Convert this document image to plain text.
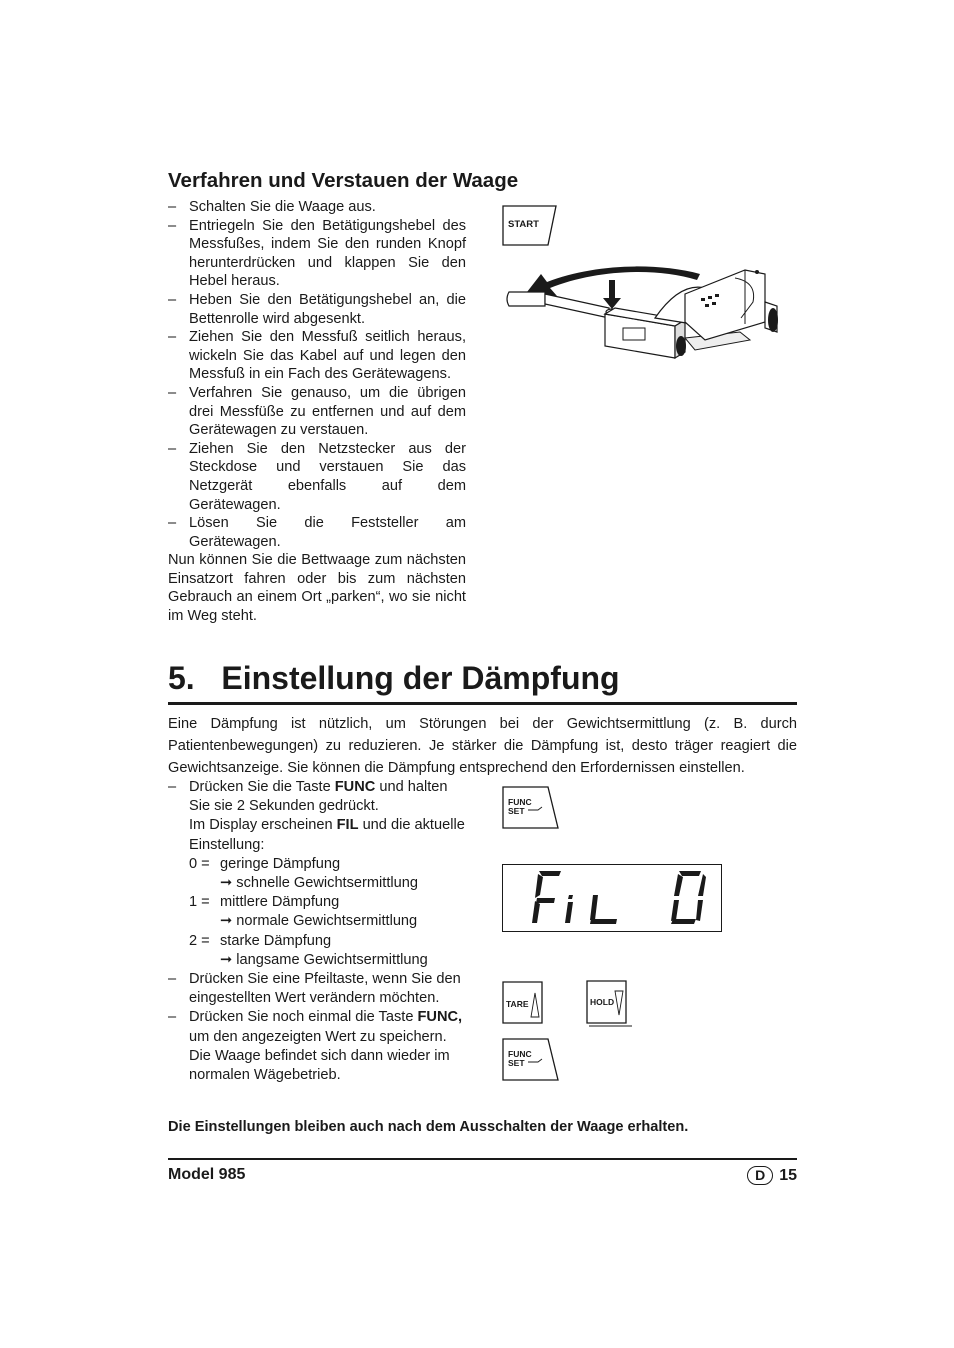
Verfahren und Verstauen der Waage
– Schalten Sie die Waage aus.
– Entriegeln Sie den Betätigungshebel des Messfußes, indem Sie den runden Knopf herunterdrücken und klappen Sie den Hebel heraus.
– Heben Sie den Betätigungshebel an, die Bettenrolle wird abgesenkt.
– Ziehen Sie den Messfuß seitlich heraus, wickeln Sie das Kabel auf und legen den Messfuß in ein Fach des Gerätewagens.
– Verfahren Sie genauso, um die übrigen drei Messfüße zu entfernen und auf dem Gerätewagen zu verstauen.
– Ziehen Sie den Netzstecker aus der Steckdose und verstauen Sie das Netzgerät ebenfalls auf dem Gerätewagen.
– Lösen Sie die Feststeller am Gerätewagen.

Nun können Sie die Bettwaage zum nächsten Einsatzort fahren oder bis zum nächsten Gebrauch an einem Ort „parken“, wo sie nicht im Weg steht.

START
5.   Einstellung der Dämpfung

Eine Dämpfung ist nützlich, um Störungen bei der Gewichtsermittlung (z. B. durch Patientenbewegungen) zu reduzieren. Je stärker die Dämpfung ist, desto träger reagiert die Gewichtsanzeige. Sie können die Dämpfung entsprechend den Erfordernissen einstellen.

– Drücken Sie die Taste FUNC und halten Sie sie 2 Sekunden gedrückt.
Im Display erscheinen FIL und die aktuelle Einstellung:
0 = geringe Dämpfung
➞ schnelle Gewichtsermittlung
1 = mittlere Dämpfung
➞ normale Gewichtsermittlung
2 = starke Dämpfung
➞ langsame Gewichtsermittlung
– Drücken Sie eine Pfeiltaste, wenn Sie den eingestellten Wert verändern möchten.
– Drücken Sie noch einmal die Taste FUNC, um den angezeigten Wert zu speichern. Die Waage befindet sich dann wieder im normalen Wägebetrieb.
FUNC
SET
TARE	HOLD
FUNC
SET

Die Einstellungen bleiben auch nach dem Ausschalten der Waage erhalten.

Model 985	D 15
